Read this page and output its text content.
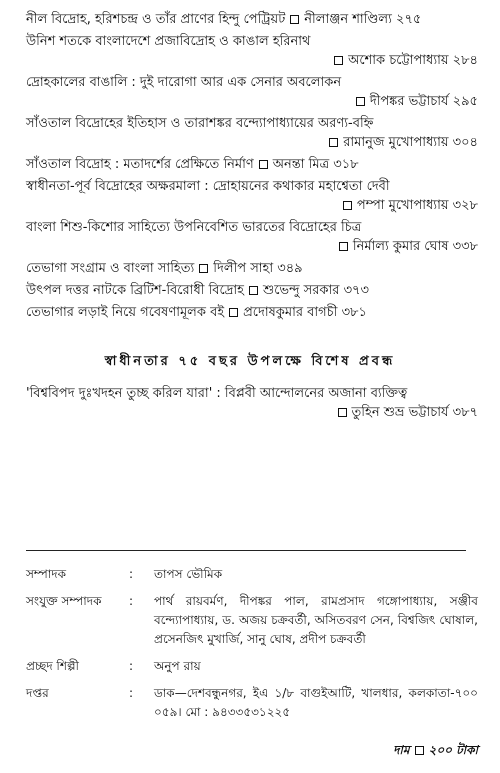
নীল বিদ্রোহ, হরিশচন্দ্র ও তাঁর প্রাণের হিন্দু পেট্রিয়ট নীলাঞ্জন শাণ্ডিল্য ২৭৫
উনিশ শতকে বাংলাদেশে প্রজাবিদ্রোহ ও কাঙাল হরিনাথ
অশোক চট্টোপাধ্যায় ২৮৪
দ্রোহকালের বাঙালি : দুই দারোগা আর এক সেনার অবলোকন
দীপঙ্কর ভট্টাচার্য ২৯৫
সাঁওতাল বিদ্রোহের ইতিহাস ও তারাশঙ্কর বন্দ্যোপাধ্যায়ের অরণ্য-বহ্নি
রামানুজ মুখোপাধ্যায় ৩০৪
সাঁওতাল বিদ্রোহ : মতাদর্শের প্রেক্ষিতে নির্মাণ অনন্তা মিত্র ৩১৮
স্বাধীনতা-পূর্ব বিদ্রোহের অক্ষরমালা : দ্রোহায়নের কথাকার মহাশ্বেতা দেবী
পম্পা মুখোপাধ্যায় ৩২৮
বাংলা শিশু-কিশোর সাহিত্যে উপনিবেশিত ভারতের বিদ্রোহের চিত্র
নির্মাল্য কুমার ঘোষ ৩৩৮
তেভাগা সংগ্রাম ও বাংলা সাহিত্য দিলীপ সাহা ৩৪৯
উৎপল দত্তর নাটকে ব্রিটিশ-বিরোধী বিদ্রোহ শুভেন্দু সরকার ৩৭৩
তেভাগার লড়াই নিয়ে গবেষণামূলক বই প্রদোষকুমার বাগচী ৩৮১
স্বাধীনতার ৭৫ বছর উপলক্ষে বিশেষ প্রবন্ধ
'বিশ্ববিপদ দুঃখদহন তুচ্ছ করিল যারা' : বিপ্লবী আন্দোলনের অজানা ব্যক্তিত্ব
তুহিন শুভ্র ভট্টাচার্য ৩৮৭
সম্পাদক	: তাপস ভৌমিক
সংযুক্ত সম্পাদক	: পার্থ রায়বর্মণ, দীপঙ্কর পাল, রামপ্রসাদ গঙ্গোপাধ্যায়, সঞ্জীব বন্দ্যোপাধ্যায়, ড. অজয় চক্রবর্তী, অসিতবরণ সেন, বিশ্বজিৎ ঘোষাল, প্রসেনজিৎ মুখার্জি, সানু ঘোষ, প্রদীপ চক্রবর্তী
প্রচ্ছদ শিল্পী	: অনুপ রায়
দপ্তর	: ডাক—দেশবন্ধুনগর, ইএ ১/৮ বাগুইআটি, খালধার, কলকাতা-৭০০ ০৫৯। মো : ৯৪৩৩৫৩১২২৫
দাম ২০০ টাকা
